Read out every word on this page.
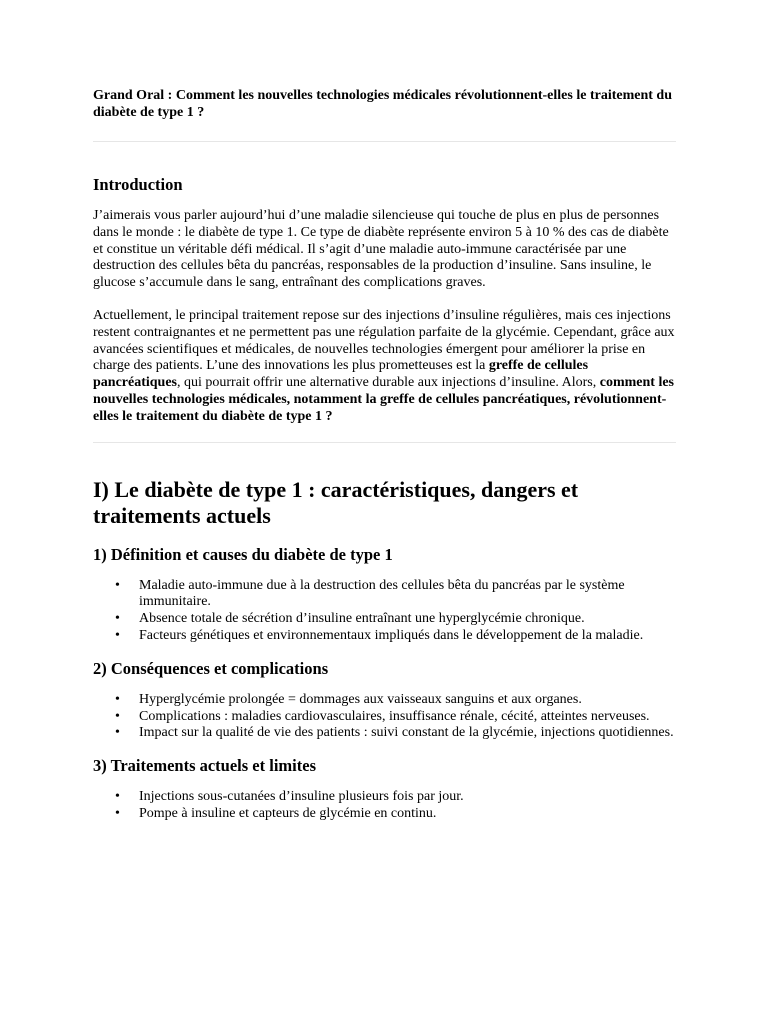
Grand Oral : Comment les nouvelles technologies médicales révolutionnent-elles le traitement du diabète de type 1 ?

Introduction

J’aimerais vous parler aujourd’hui d’une maladie silencieuse qui touche de plus en plus de personnes dans le monde : le diabète de type 1. Ce type de diabète représente environ 5 à 10 % des cas de diabète et constitue un véritable défi médical. Il s’agit d’une maladie auto-immune caractérisée par une destruction des cellules bêta du pancréas, responsables de la production d’insuline. Sans insuline, le glucose s’accumule dans le sang, entraînant des complications graves.

Actuellement, le principal traitement repose sur des injections d’insuline régulières, mais ces injections restent contraignantes et ne permettent pas une régulation parfaite de la glycémie. Cependant, grâce aux avancées scientifiques et médicales, de nouvelles technologies émergent pour améliorer la prise en charge des patients. L’une des innovations les plus prometteuses est la greffe de cellules pancréatiques, qui pourrait offrir une alternative durable aux injections d’insuline. Alors, comment les nouvelles technologies médicales, notamment la greffe de cellules pancréatiques, révolutionnent-elles le traitement du diabète de type 1 ?

I) Le diabète de type 1 : caractéristiques, dangers et traitements actuels
1) Définition et causes du diabète de type 1
• Maladie auto-immune due à la destruction des cellules bêta du pancréas par le système immunitaire.
• Absence totale de sécrétion d’insuline entraînant une hyperglycémie chronique.
• Facteurs génétiques et environnementaux impliqués dans le développement de la maladie.
2) Conséquences et complications
• Hyperglycémie prolongée = dommages aux vaisseaux sanguins et aux organes.
• Complications : maladies cardiovasculaires, insuffisance rénale, cécité, atteintes nerveuses.
• Impact sur la qualité de vie des patients : suivi constant de la glycémie, injections quotidiennes.
3) Traitements actuels et limites
• Injections sous-cutanées d’insuline plusieurs fois par jour.
• Pompe à insuline et capteurs de glycémie en continu.
